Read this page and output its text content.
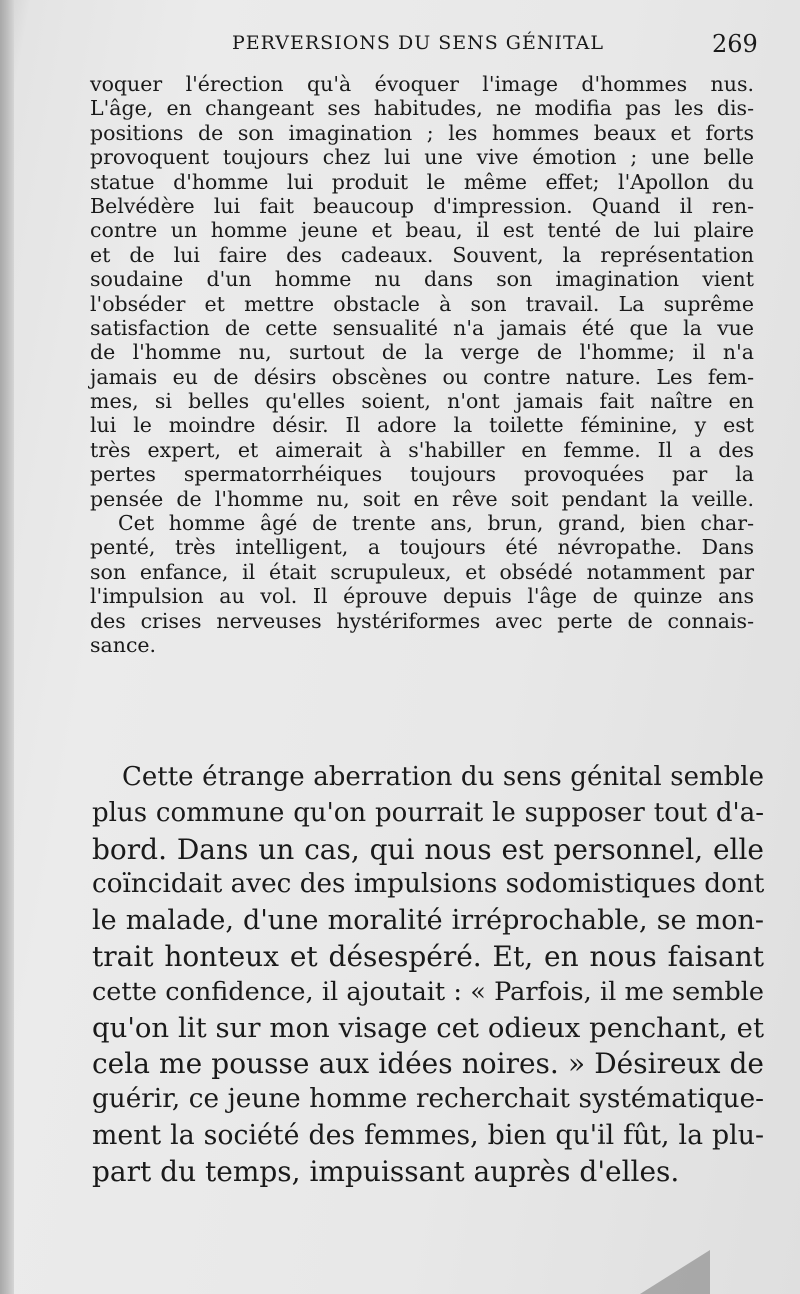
PERVERSIONS DU SENS GÉNITAL	269
voquer l'érection qu'à évoquer l'image d'hommes nus.
L'âge, en changeant ses habitudes, ne modifia pas les dis-
positions de son imagination ; les hommes beaux et forts
provoquent toujours chez lui une vive émotion ; une belle
statue d'homme lui produit le même effet; l'Apollon du
Belvédère lui fait beaucoup d'impression. Quand il ren-
contre un homme jeune et beau, il est tenté de lui plaire
et de lui faire des cadeaux. Souvent, la représentation
soudaine d'un homme nu dans son imagination vient
l'obséder et mettre obstacle à son travail. La suprême
satisfaction de cette sensualité n'a jamais été que la vue
de l'homme nu, surtout de la verge de l'homme; il n'a
jamais eu de désirs obscènes ou contre nature. Les fem-
mes, si belles qu'elles soient, n'ont jamais fait naître en
lui le moindre désir. Il adore la toilette féminine, y est
très expert, et aimerait à s'habiller en femme. Il a des
pertes spermatorrhéiques toujours provoquées par la
pensée de l'homme nu, soit en rêve soit pendant la veille.
Cet homme âgé de trente ans, brun, grand, bien char-
penté, très intelligent, a toujours été névropathe. Dans
son enfance, il était scrupuleux, et obsédé notamment par
l'impulsion au vol. Il éprouve depuis l'âge de quinze ans
des crises nerveuses hystériformes avec perte de connais-
sance.
Cette étrange aberration du sens génital semble
plus commune qu'on pourrait le supposer tout d'a-
bord. Dans un cas, qui nous est personnel, elle
coïncidait avec des impulsions sodomistiques dont
le malade, d'une moralité irréprochable, se mon-
trait honteux et désespéré. Et, en nous faisant
cette confidence, il ajoutait : « Parfois, il me semble
qu'on lit sur mon visage cet odieux penchant, et
cela me pousse aux idées noires. » Désireux de
guérir, ce jeune homme recherchait systématique-
ment la société des femmes, bien qu'il fût, la plu-
part du temps, impuissant auprès d'elles.
